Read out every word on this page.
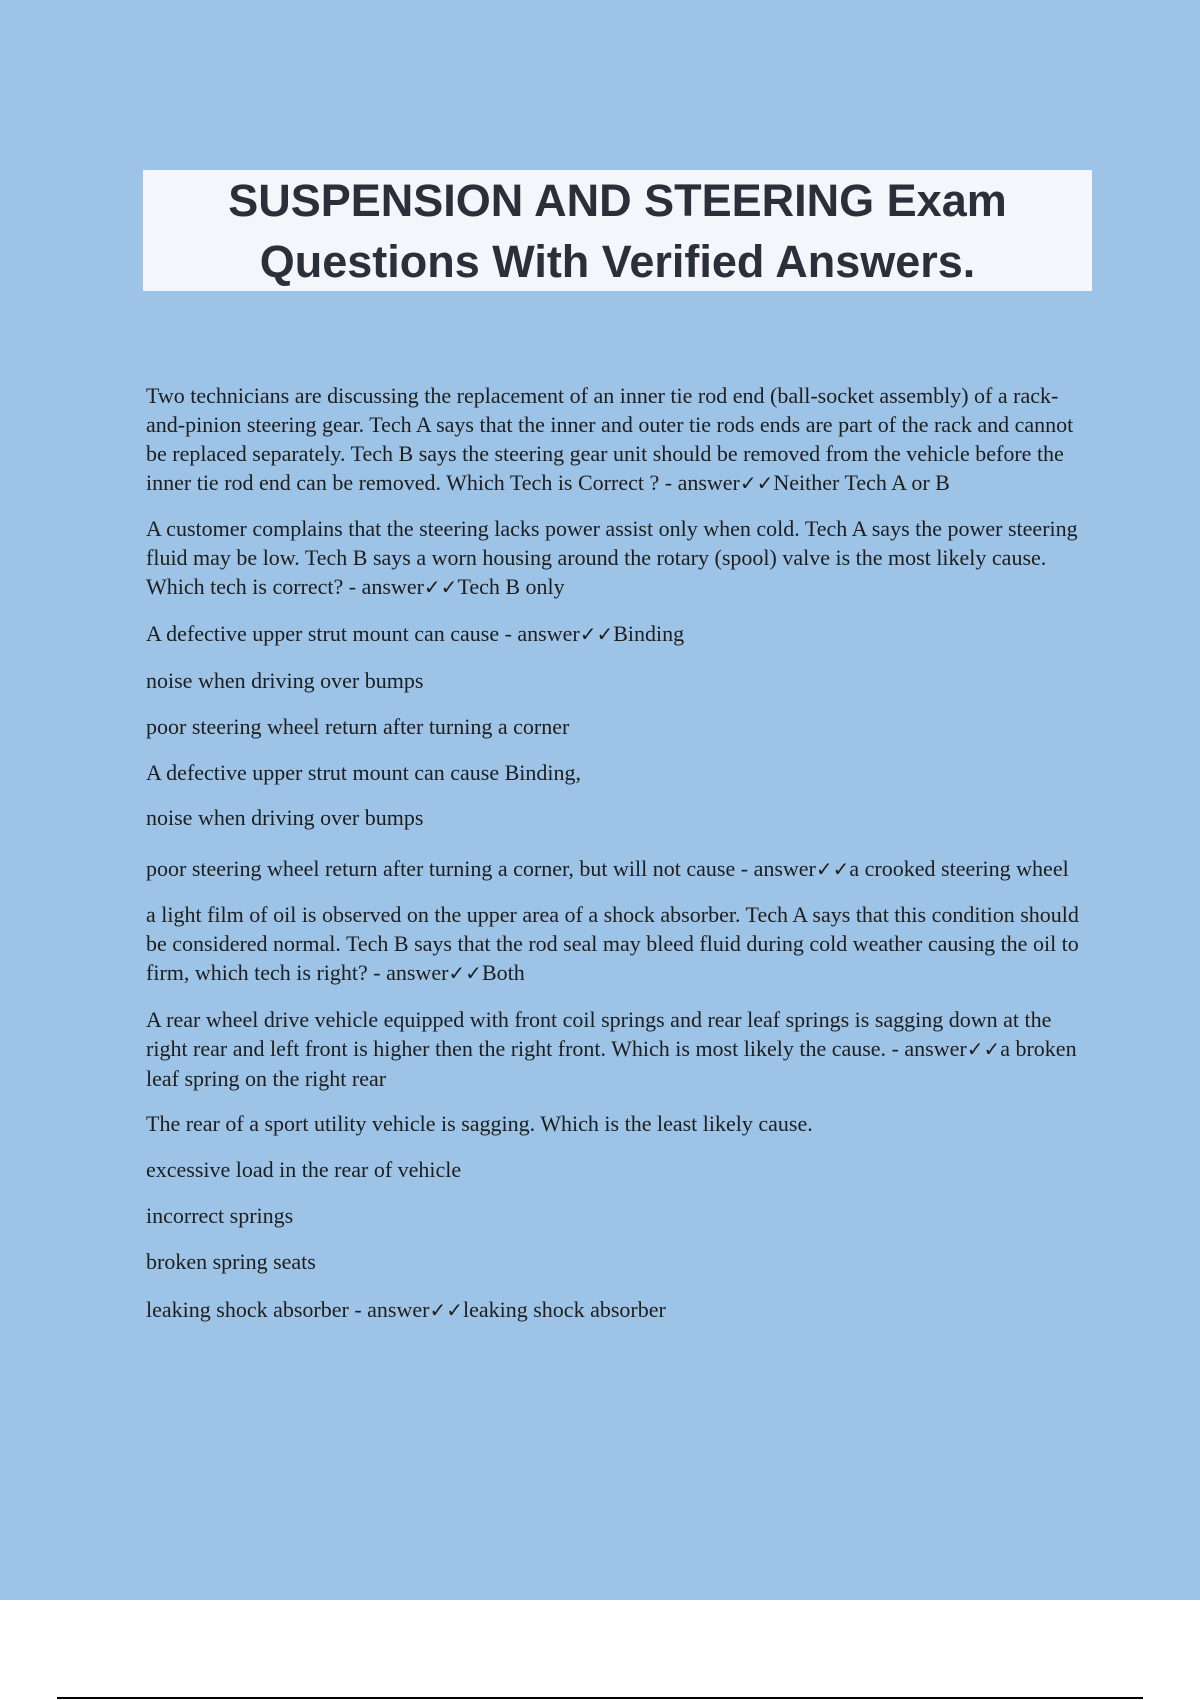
SUSPENSION AND STEERING Exam
Questions With Verified Answers.

Two technicians are discussing the replacement of an inner tie rod end (ball-socket assembly) of a rack-and-pinion steering gear. Tech A says that the inner and outer tie rods ends are part of the rack and cannot be replaced separately. Tech B says the steering gear unit should be removed from the vehicle before the inner tie rod end can be removed. Which Tech is Correct ? - answer✓✓Neither Tech A or B

A customer complains that the steering lacks power assist only when cold. Tech A says the power steering fluid may be low. Tech B says a worn housing around the rotary (spool) valve is the most likely cause. Which tech is correct? - answer✓✓Tech B only

A defective upper strut mount can cause - answer✓✓Binding

noise when driving over bumps

poor steering wheel return after turning a corner

A defective upper strut mount can cause Binding,

noise when driving over bumps

poor steering wheel return after turning a corner, but will not cause - answer✓✓a crooked steering wheel

a light film of oil is observed on the upper area of a shock absorber. Tech A says that this condition should be considered normal. Tech B says that the rod seal may bleed fluid during cold weather causing the oil to firm, which tech is right? - answer✓✓Both

A rear wheel drive vehicle equipped with front coil springs and rear leaf springs is sagging down at the right rear and left front is higher then the right front. Which is most likely the cause. - answer✓✓a broken leaf spring on the right rear

The rear of a sport utility vehicle is sagging. Which is the least likely cause.

excessive load in the rear of vehicle

incorrect springs

broken spring seats

leaking shock absorber - answer✓✓leaking shock absorber
